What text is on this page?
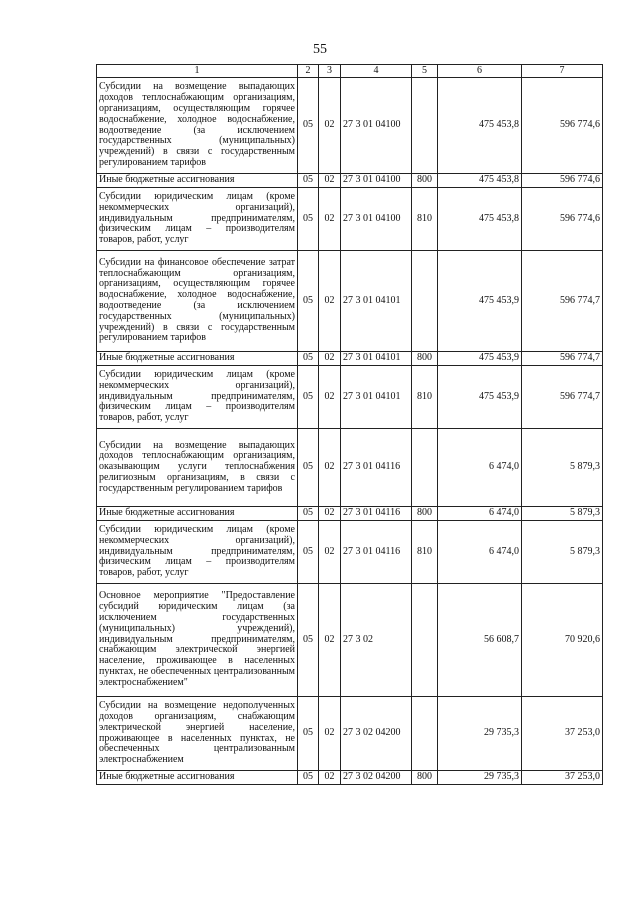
55
1	2	3	4	5	6	7
Субсидии на возмещение выпадающих доходов теплоснабжающим организациям, организациям, осуществляющим горячее водоснабжение, холодное водоснабжение, водоотведение (за исключением государственных (муниципальных) учреждений) в связи с государственным регулированием тарифов	05	02	27 3 01 04100		475 453,8	596 774,6
Иные бюджетные ассигнования	05	02	27 3 01 04100	800	475 453,8	596 774,6
Субсидии юридическим лицам (кроме некоммерческих организаций), индивидуальным предпринимателям, физическим лицам – производителям товаров, работ, услуг	05	02	27 3 01 04100	810	475 453,8	596 774,6
Субсидии на финансовое обеспечение затрат теплоснабжающим организациям, организациям, осуществляющим горячее водоснабжение, холодное водоснабжение, водоотведение (за исключением государственных (муниципальных) учреждений) в связи с государственным регулированием тарифов	05	02	27 3 01 04101		475 453,9	596 774,7
Иные бюджетные ассигнования	05	02	27 3 01 04101	800	475 453,9	596 774,7
Субсидии юридическим лицам (кроме некоммерческих организаций), индивидуальным предпринимателям, физическим лицам – производителям товаров, работ, услуг	05	02	27 3 01 04101	810	475 453,9	596 774,7
Субсидии на возмещение выпадающих доходов теплоснабжающим организациям, оказывающим услуги теплоснабжения религиозным организациям, в связи с государственным регулированием тарифов	05	02	27 3 01 04116		6 474,0	5 879,3
Иные бюджетные ассигнования	05	02	27 3 01 04116	800	6 474,0	5 879,3
Субсидии юридическим лицам (кроме некоммерческих организаций), индивидуальным предпринимателям, физическим лицам – производителям товаров, работ, услуг	05	02	27 3 01 04116	810	6 474,0	5 879,3
Основное мероприятие "Предоставление субсидий юридическим лицам (за исключением государственных (муниципальных) учреждений), индивидуальным предпринимателям, снабжающим электрической энергией население, проживающее в населенных пунктах, не обеспеченных централизованным электроснабжением"	05	02	27 3 02		56 608,7	70 920,6
Субсидии на возмещение недополученных доходов организациям, снабжающим электрической энергией население, проживающее в населенных пунктах, не обеспеченных централизованным электроснабжением	05	02	27 3 02 04200		29 735,3	37 253,0
Иные бюджетные ассигнования	05	02	27 3 02 04200	800	29 735,3	37 253,0
